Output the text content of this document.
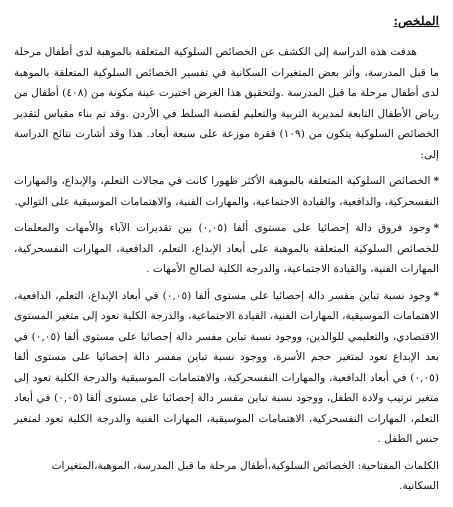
الملخص:

هدفت هذه الدراسة إلى الكشف عن الخصائص السلوكية المتعلقة بالموهبة لدى أطفال مرحلة ما قبل المدرسة، وأثر بعض المتغيرات السكانية في تفسير الخصائص السلوكية المتعلقة بالموهبة لدى أطفال مرحلة ما قبل المدرسة .ولتحقيق هذا الغرض اختيرت عينة مكونة من (٤٠٨) أطفال من رياض الأطفال التابعة لمديرية التربية والتعليم لقصبة السلط في الأردن .وقد تم بناء مقياس لتقدير الخصائص السلوكية يتكون من (١٠٩) فقرة موزعة على سبعة أبعاد. هذا وقد أشارت نتائج الدراسة إلى:

*الخصائص السلوكية المتعلقة بالموهبة الأكثر ظهورا كانت في مجالات التعلم، والإبداع، والمهارات النفسحركية، والدافعية، والقيادة الاجتماعية، والمهارات الفنية، والاهتمامات الموسيقية على التوالي.

*وجود فروق دالة إحصائيا على مستوى ألفا (٠,٠٥) بين تقديرات الآباء والأمهات والمعلمات للخصائص السلوكية المتعلقة بالموهبة على أبعاد الإبداع، التعلم، الدافعية، المهارات النفسحركية، المهارات الفنية، والقيادة الاجتماعية، والدرجة الكلية لصالح الأمهات .

*وجود نسبة تباين مفسر دالة إحصائيا على مستوى ألفا (٠,٠٥) في أبعاد الإبداع، التعلم، الدافعية، الاهتمامات الموسيقية، المهارات الفنية، القيادة الاجتماعية، والدرجة الكلية تعود إلى متغير المستوى الاقتصادي، والتعليمي للوالدين، ووجود نسبة تباين مفسر دالة إحصائيا على مستوى ألفا (٠,٠٥) في بعد الإبداع تعود لمتغير حجم الأسرة، ووجود نسبة تباين مفسر دالة إحصائيا على مستوى ألفا (٠,٠٥) في أبعاد الدافعية، والمهارات النفسحركية، والاهتمامات الموسيقية والدرجة الكلية تعود إلى متغير ترتيب ولادة الطفل، ووجود نسبة تباين مفسر دالة إحصائيا على مستوى ألفا (٠,٠٥) في أبعاد التعلم، المهارات النفسحركية، الاهتمامات الموسيقية، المهارات الفنية والدرجة الكلية تعود لمتغير جنس الطفل .

الكلمات المفتاحية: الخصائص السلوكية،أطفال مرحلة ما قبل المدرسة، الموهبة،المتغيرات السكانية.
